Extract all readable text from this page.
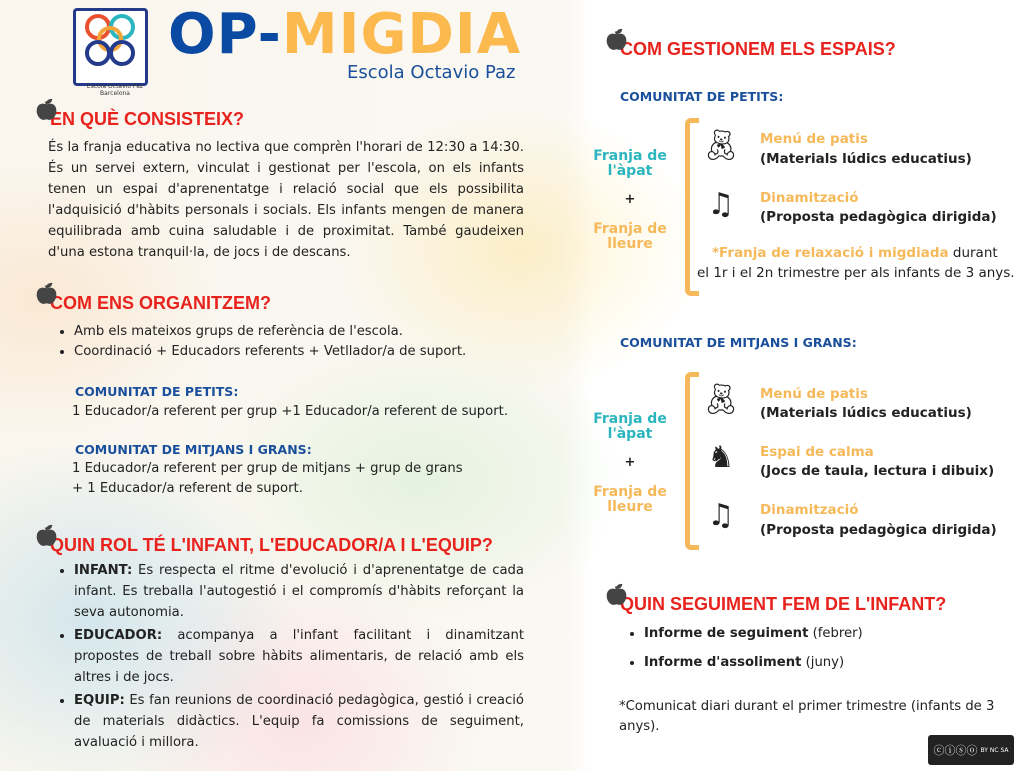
Escola Octavio Paz
Barcelona
OP-MIGDIA
Escola Octavio Paz
🍎︎
EN QUÈ CONSISTEIX?
És la franja educativa no lectiva que comprèn l'horari de 12:30 a 14:30. És un servei extern, vinculat i gestionat per l'escola, on els infants tenen un espai d'aprenentatge i relació social que els possibilita l'adquisició d'hàbits personals i socials. Els infants mengen de manera equilibrada amb cuina saludable i de proximitat. També gaudeixen d'una estona tranquil·la, de jocs i de descans.
🍎︎
COM ENS ORGANITZEM?
• Amb els mateixos grups de referència de l'escola.
• Coordinació + Educadors referents + Vetllador/a de suport.
COMUNITAT DE PETITS:
1 Educador/a referent per grup +1 Educador/a referent de suport.
COMUNITAT DE MITJANS I GRANS:
1 Educador/a referent per grup de mitjans + grup de grans
+ 1 Educador/a referent de suport.
🍎︎
QUIN ROL TÉ L'INFANT, L'EDUCADOR/A I L'EQUIP?
• INFANT: Es respecta el ritme d'evolució i d'aprenentatge de cada infant. Es treballa l'autogestió i el compromís d'hàbits reforçant la seva autonomia.
• EDUCADOR: acompanya a l'infant facilitant i dinamitzant propostes de treball sobre hàbits alimentaris, de relació amb els altres i de jocs.
• EQUIP: Es fan reunions de coordinació pedagògica, gestió i creació de materials didàctics. L'equip fa comissions de seguiment, avaluació i millora.
🍎︎
COM GESTIONEM ELS ESPAIS?
COMUNITAT DE PETITS:
Franja de l'àpat
+
Franja de lleure
🧸︎ Menú de patis
(Materials lúdics educatius)
♫︎	Dinamització
(Proposta pedagògica dirigida)
*Franja de relaxació i migdiada durant
el 1r i el 2n trimestre per als infants de 3 anys.
COMUNITAT DE MITJANS I GRANS:
Franja de l'àpat
+
Franja de lleure
🧸︎ Menú de patis
(Materials lúdics educatius)
♞︎	Espai de calma
(Jocs de taula, lectura i dibuix)
♫︎	Dinamització
(Proposta pedagògica dirigida)
🍎︎
QUIN SEGUIMENT FEM DE L'INFANT?
• Informe de seguiment (febrer)
• Informe d'assoliment (juny)
*Comunicat diari durant el primer trimestre (infants de 3 anys).
ⓒⓘⓢⓞ BY NC SA
